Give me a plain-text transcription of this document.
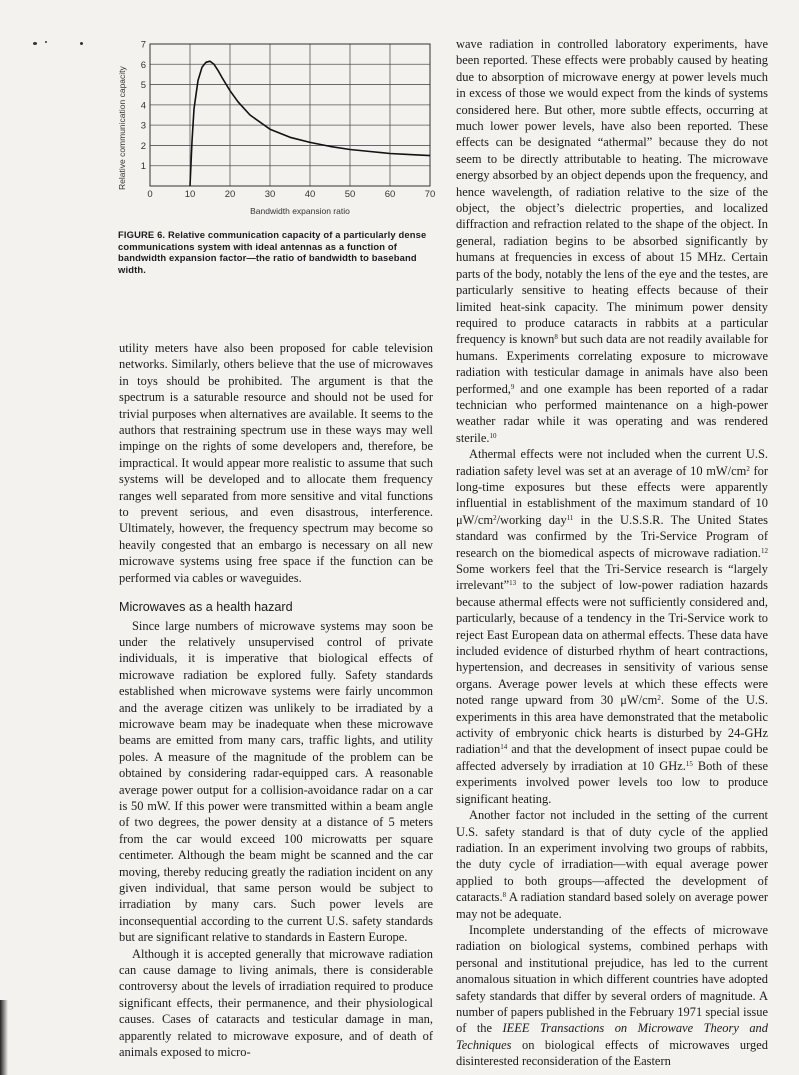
0	10	20	30	40	50	60	70
1
2
3
4
5
6
7
Relative communication capacity
Bandwidth expansion ratio
FIGURE 6. Relative communication capacity of a particularly dense communications system with ideal antennas as a function of bandwidth expansion factor—the ratio of bandwidth to baseband width.

utility meters have also been proposed for cable television networks. Similarly, others believe that the use of microwaves in toys should be prohibited. The argument is that the spectrum is a saturable resource and should not be used for trivial purposes when alternatives are available. It seems to the authors that restraining spectrum use in these ways may well impinge on the rights of some developers and, therefore, be impractical. It would appear more realistic to assume that such systems will be developed and to allocate them frequency ranges well separated from more sensitive and vital functions to prevent serious, and even disastrous, interference. Ultimately, however, the frequency spectrum may become so heavily congested that an embargo is necessary on all new microwave systems using free space if the function can be performed via cables or waveguides.

Microwaves as a health hazard

Since large numbers of microwave systems may soon be under the relatively unsupervised control of private individuals, it is imperative that biological effects of microwave radiation be explored fully. Safety standards established when microwave systems were fairly uncommon and the average citizen was unlikely to be irradiated by a microwave beam may be inadequate when these microwave beams are emitted from many cars, traffic lights, and utility poles. A measure of the magnitude of the problem can be obtained by considering radar-equipped cars. A reasonable average power output for a collision-avoidance radar on a car is 50 mW. If this power were transmitted within a beam angle of two degrees, the power density at a distance of 5 meters from the car would exceed 100 microwatts per square centimeter. Although the beam might be scanned and the car moving, thereby reducing greatly the radiation incident on any given individual, that same person would be subject to irradiation by many cars. Such power levels are inconsequential according to the current U.S. safety standards but are significant relative to standards in Eastern Europe.

Although it is accepted generally that microwave radiation can cause damage to living animals, there is considerable controversy about the levels of irradiation required to produce significant effects, their permanence, and their physiological causes. Cases of cataracts and testicular damage in man, apparently related to microwave exposure, and of death of animals exposed to micro-

wave radiation in controlled laboratory experiments, have been reported. These effects were probably caused by heating due to absorption of microwave energy at power levels much in excess of those we would expect from the kinds of systems considered here. But other, more subtle effects, occurring at much lower power levels, have also been reported. These effects can be designated “athermal” because they do not seem to be directly attributable to heating. The microwave energy absorbed by an object depends upon the frequency, and hence wavelength, of radiation relative to the size of the object, the object’s dielectric properties, and localized diffraction and refraction related to the shape of the object. In general, radiation begins to be absorbed significantly by humans at frequencies in excess of about 15 MHz. Certain parts of the body, notably the lens of the eye and the testes, are particularly sensitive to heating effects because of their limited heat-sink capacity. The minimum power density required to produce cataracts in rabbits at a particular frequency is known$^8$ but such data are not readily available for humans. Experiments correlating exposure to microwave radiation with testicular damage in animals have also been performed,$^9$ and one example has been reported of a radar technician who performed maintenance on a high-power weather radar while it was operating and was rendered sterile.$^{10}$

Athermal effects were not included when the current U.S. radiation safety level was set at an average of 10 $mW/cm^2$ for long-time exposures but these effects were apparently influential in establishment of the maximum standard of 10 $\mu W/cm^2$/working day$^{11}$ in the U.S.S.R. The United States standard was confirmed by the Tri-Service Program of research on the biomedical aspects of microwave radiation.$^{12}$ Some workers feel that the Tri-Service research is “largely irrelevant”$^{13}$ to the subject of low-power radiation hazards because athermal effects were not sufficiently considered and, particularly, because of a tendency in the Tri-Service work to reject East European data on athermal effects. These data have included evidence of disturbed rhythm of heart contractions, hypertension, and decreases in sensitivity of various sense organs. Average power levels at which these effects were noted range upward from 30 $\mu W/cm^2$. Some of the U.S. experiments in this area have demonstrated that the metabolic activity of embryonic chick hearts is disturbed by 24-GHz radiation$^{14}$ and that the development of insect pupae could be affected adversely by irradiation at 10 GHz.$^{15}$ Both of these experiments involved power levels too low to produce significant heating.

Another factor not included in the setting of the current U.S. safety standard is that of duty cycle of the applied radiation. In an experiment involving two groups of rabbits, the duty cycle of irradiation—with equal average power applied to both groups—affected the development of cataracts.$^8$ A radiation standard based solely on average power may not be adequate.

Incomplete understanding of the effects of microwave radiation on biological systems, combined perhaps with personal and institutional prejudice, has led to the current anomalous situation in which different countries have adopted safety standards that differ by several orders of magnitude. A number of papers published in the February 1971 special issue of the IEEE Transactions on Microwave Theory and Techniques on biological effects of microwaves urged disinterested reconsideration of the Eastern
